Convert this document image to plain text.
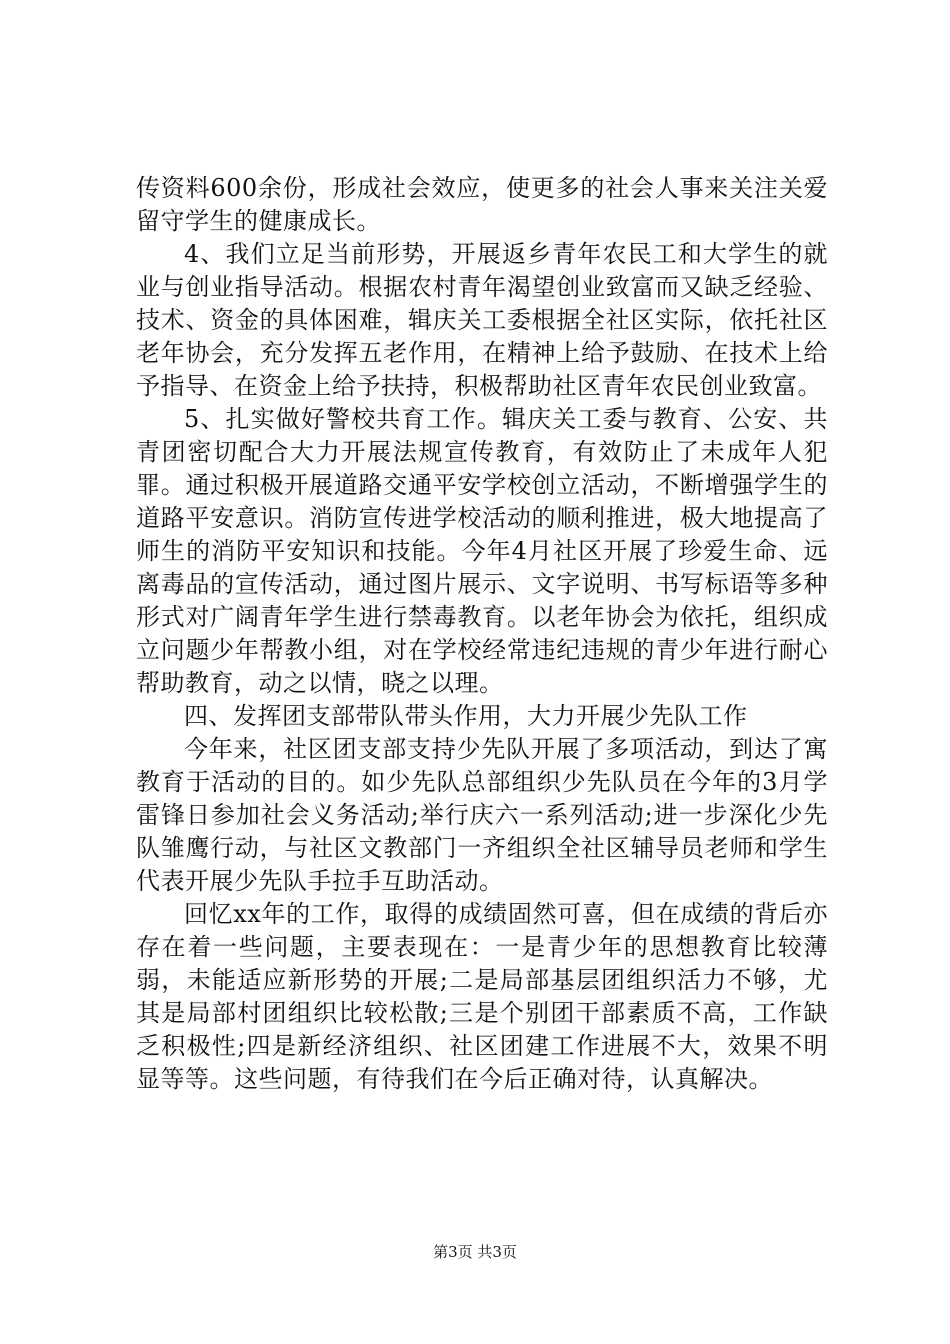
传资料600余份，形成社会效应，使更多的社会人事来关注关爱留守学生的健康成长。

4、我们立足当前形势，开展返乡青年农民工和大学生的就业与创业指导活动。根据农村青年渴望创业致富而又缺乏经验、技术、资金的具体困难，辑庆关工委根据全社区实际，依托社区老年协会，充分发挥五老作用，在精神上给予鼓励、在技术上给予指导、在资金上给予扶持，积极帮助社区青年农民创业致富。

5、扎实做好警校共育工作。辑庆关工委与教育、公安、共青团密切配合大力开展法规宣传教育，有效防止了未成年人犯罪。通过积极开展道路交通平安学校创立活动，不断增强学生的道路平安意识。消防宣传进学校活动的顺利推进，极大地提高了师生的消防平安知识和技能。今年4月社区开展了珍爱生命、远离毒品的宣传活动，通过图片展示、文字说明、书写标语等多种形式对广阔青年学生进行禁毒教育。以老年协会为依托，组织成立问题少年帮教小组，对在学校经常违纪违规的青少年进行耐心帮助教育，动之以情，晓之以理。

四、发挥团支部带队带头作用，大力开展少先队工作

今年来，社区团支部支持少先队开展了多项活动，到达了寓教育于活动的目的。如少先队总部组织少先队员在今年的3月学雷锋日参加社会义务活动;举行庆六一系列活动;进一步深化少先队雏鹰行动，与社区文教部门一齐组织全社区辅导员老师和学生代表开展少先队手拉手互助活动。

回忆xx年的工作，取得的成绩固然可喜，但在成绩的背后亦存在着一些问题，主要表现在：一是青少年的思想教育比较薄弱，未能适应新形势的开展;二是局部基层团组织活力不够，尤其是局部村团组织比较松散;三是个别团干部素质不高，工作缺乏积极性;四是新经济组织、社区团建工作进展不大，效果不明显等等。这些问题，有待我们在今后正确对待，认真解决。

第3页 共3页
